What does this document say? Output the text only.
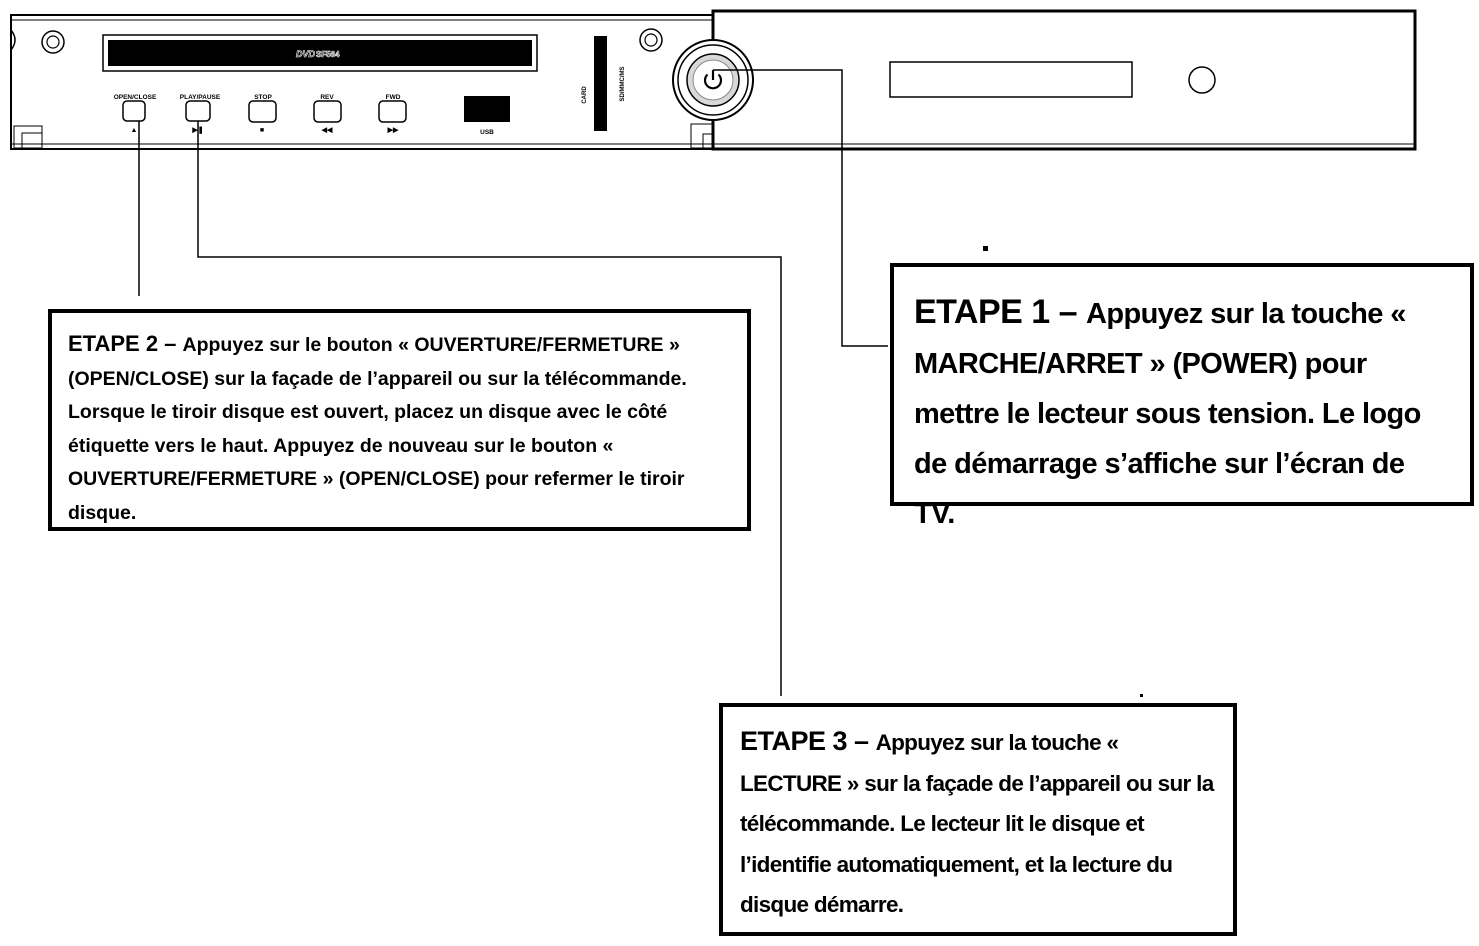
DVD SF564
OPEN/CLOSE
▲
PLAY/PAUSE
▶❚
STOP
■
REV
◀◀
FWD
▶▶	USB
CARD	SD/MMC/MS
ETAPE 2 – Appuyez sur le bouton « OUVERTURE/FERMETURE » (OPEN/CLOSE) sur la façade de l’appareil ou sur la télécommande. Lorsque le tiroir disque est ouvert, placez un disque avec le côté étiquette vers le haut. Appuyez de nouveau sur le bouton « OUVERTURE/FERMETURE » (OPEN/CLOSE) pour refermer le tiroir disque.
ETAPE 1 – Appuyez sur la touche « MARCHE/ARRET » (POWER) pour mettre le lecteur sous tension. Le logo de démarrage s’affiche sur l’écran de TV.
ETAPE 3 – Appuyez sur la touche « LECTURE » sur la façade de l’appareil ou sur la télécommande. Le lecteur lit le disque et l’identifie automatiquement, et la lecture du disque démarre.
